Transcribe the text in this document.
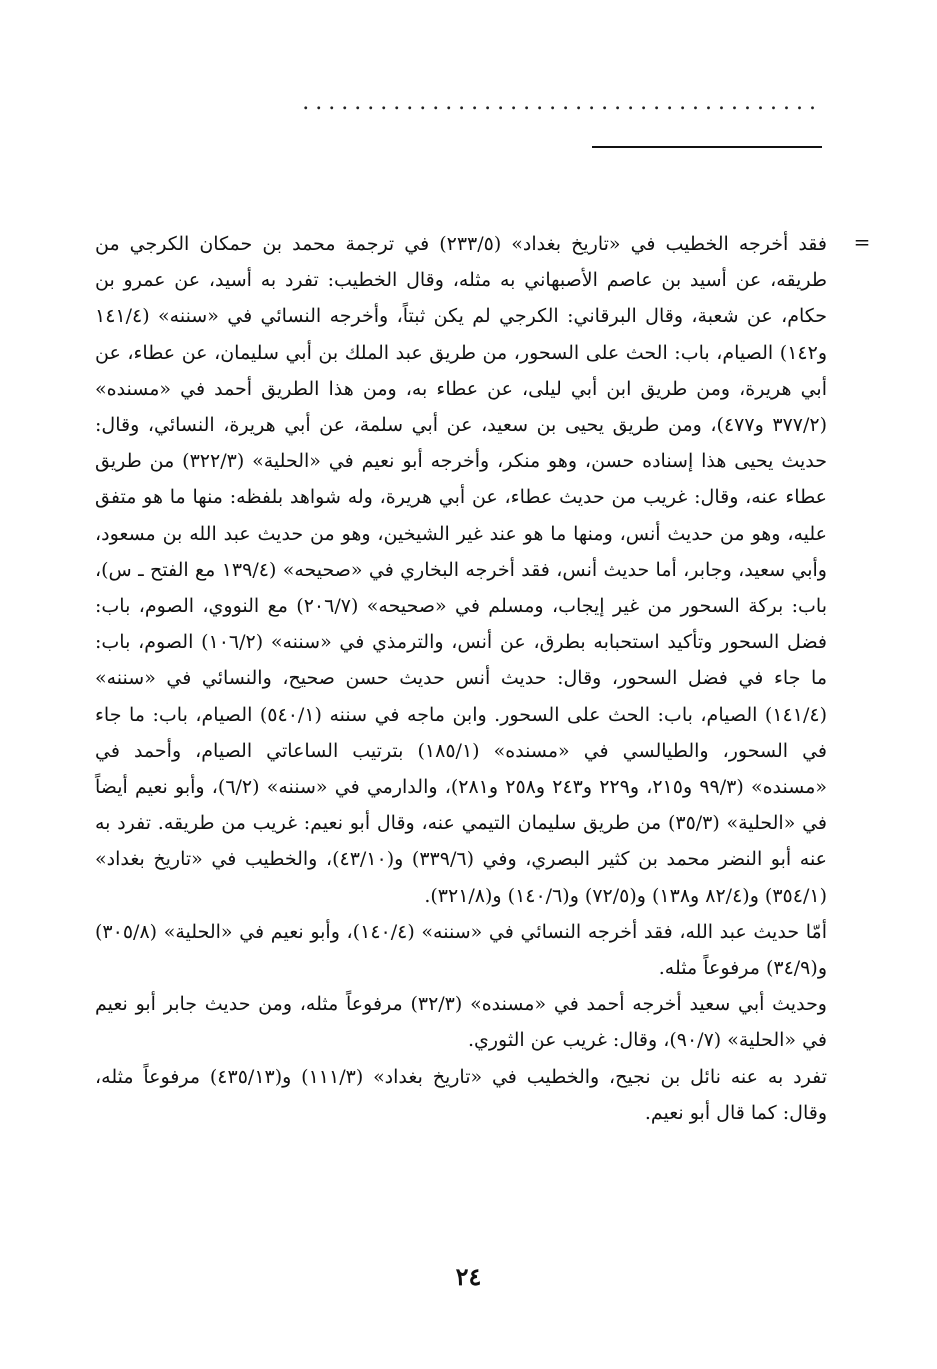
........................................
=

فقد أخرجه الخطيب في «تاريخ بغداد» (٢٣٣/٥) في ترجمة محمد بن حمكان الكرجي من طريقه، عن أسيد بن عاصم الأصبهاني به مثله، وقال الخطيب: تفرد به أسيد، عن عمرو بن حكام، عن شعبة، وقال البرقاني: الكرجي لم يكن ثبتاً، وأخرجه النسائي في «سننه» (١٤١/٤ و١٤٢) الصيام، باب: الحث على السحور، من طريق عبد الملك بن أبي سليمان، عن عطاء، عن أبي هريرة، ومن طريق ابن أبي ليلى، عن عطاء به، ومن هذا الطريق أحمد في «مسنده» (٣٧٧/٢ و٤٧٧)، ومن طريق يحيى بن سعيد، عن أبي سلمة، عن أبي هريرة، النسائي، وقال: حديث يحيى هذا إسناده حسن، وهو منكر، وأخرجه أبو نعيم في «الحلية» (٣٢٢/٣) من طريق عطاء عنه، وقال: غريب من حديث عطاء، عن أبي هريرة، وله شواهد بلفظه: منها ما هو متفق عليه، وهو من حديث أنس، ومنها ما هو عند غير الشيخين، وهو من حديث عبد الله بن مسعود، وأبي سعيد، وجابر، أما حديث أنس، فقد أخرجه البخاري في «صحيحه» (١٣٩/٤ مع الفتح ـ س)، باب: بركة السحور من غير إيجاب، ومسلم في «صحيحه» (٢٠٦/٧) مع النووي، الصوم، باب: فضل السحور وتأكيد استحبابه بطرق، عن أنس، والترمذي في «سننه» (١٠٦/٢) الصوم، باب: ما جاء في فضل السحور، وقال: حديث أنس حديث حسن صحيح، والنسائي في «سننه» (١٤١/٤) الصيام، باب: الحث على السحور. وابن ماجه في سننه (٥٤٠/١) الصيام، باب: ما جاء في السحور، والطيالسي في «مسنده» (١٨٥/١) بترتيب الساعاتي الصيام، وأحمد في «مسنده» (٩٩/٣ و٢١٥، و٢٢٩ و٢٤٣ و٢٥٨ و٢٨١)، والدارمي في «سننه» (٦/٢)، وأبو نعيم أيضاً في «الحلية» (٣٥/٣) من طريق سليمان التيمي عنه، وقال أبو نعيم: غريب من طريقه. تفرد به عنه أبو النضر محمد بن كثير البصري، وفي (٣٣٩/٦) و(٤٣/١٠)، والخطيب في «تاريخ بغداد» (٣٥٤/١) و(٨٢/٤ و١٣٨) و(٧٢/٥) و(١٤٠/٦) و(٣٢١/٨).

أمّا حديث عبد الله، فقد أخرجه النسائي في «سننه» (١٤٠/٤)، وأبو نعيم في «الحلية» (٣٠٥/٨) و(٣٤/٩) مرفوعاً مثله.

وحديث أبي سعيد أخرجه أحمد في «مسنده» (٣٢/٣) مرفوعاً مثله، ومن حديث جابر أبو نعيم في «الحلية» (٩٠/٧)، وقال: غريب عن الثوري.

تفرد به عنه نائل بن نجيح، والخطيب في «تاريخ بغداد» (١١١/٣) و(٤٣٥/١٣) مرفوعاً مثله، وقال: كما قال أبو نعيم.

٢٤
